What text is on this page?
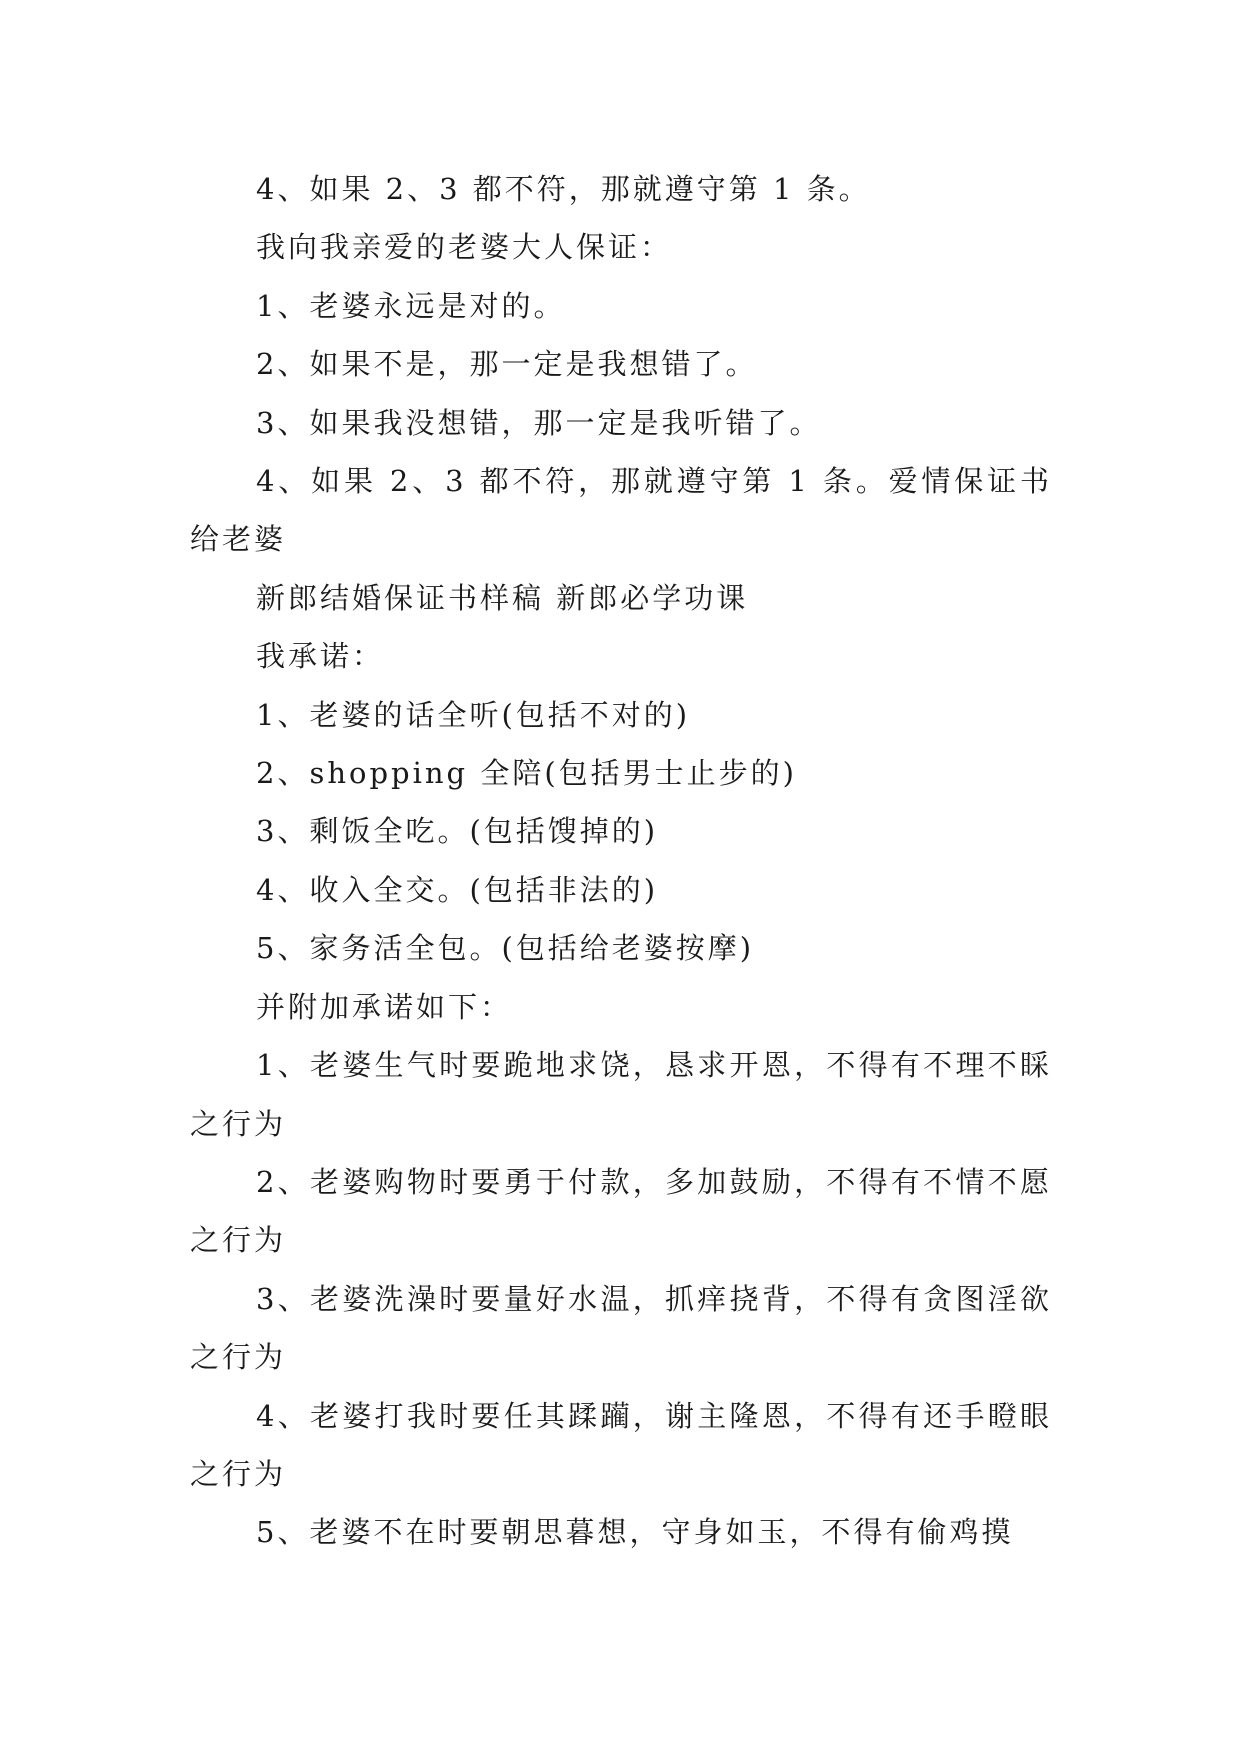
4、如果 2、3 都不符，那就遵守第 1 条。

我向我亲爱的老婆大人保证：

1、老婆永远是对的。

2、如果不是，那一定是我想错了。

3、如果我没想错，那一定是我听错了。

4、如果 2、3 都不符，那就遵守第 1 条。爱情保证书给老婆

新郎结婚保证书样稿 新郎必学功课

我承诺：

1、老婆的话全听(包括不对的)

2、shopping 全陪(包括男士止步的)

3、剩饭全吃。(包括馊掉的)

4、收入全交。(包括非法的)

5、家务活全包。(包括给老婆按摩)

并附加承诺如下：

1、老婆生气时要跪地求饶，恳求开恩，不得有不理不睬之行为

2、老婆购物时要勇于付款，多加鼓励，不得有不情不愿之行为

3、老婆洗澡时要量好水温，抓痒挠背，不得有贪图淫欲之行为

4、老婆打我时要任其蹂躏，谢主隆恩，不得有还手瞪眼之行为

5、老婆不在时要朝思暮想，守身如玉，不得有偷鸡摸
